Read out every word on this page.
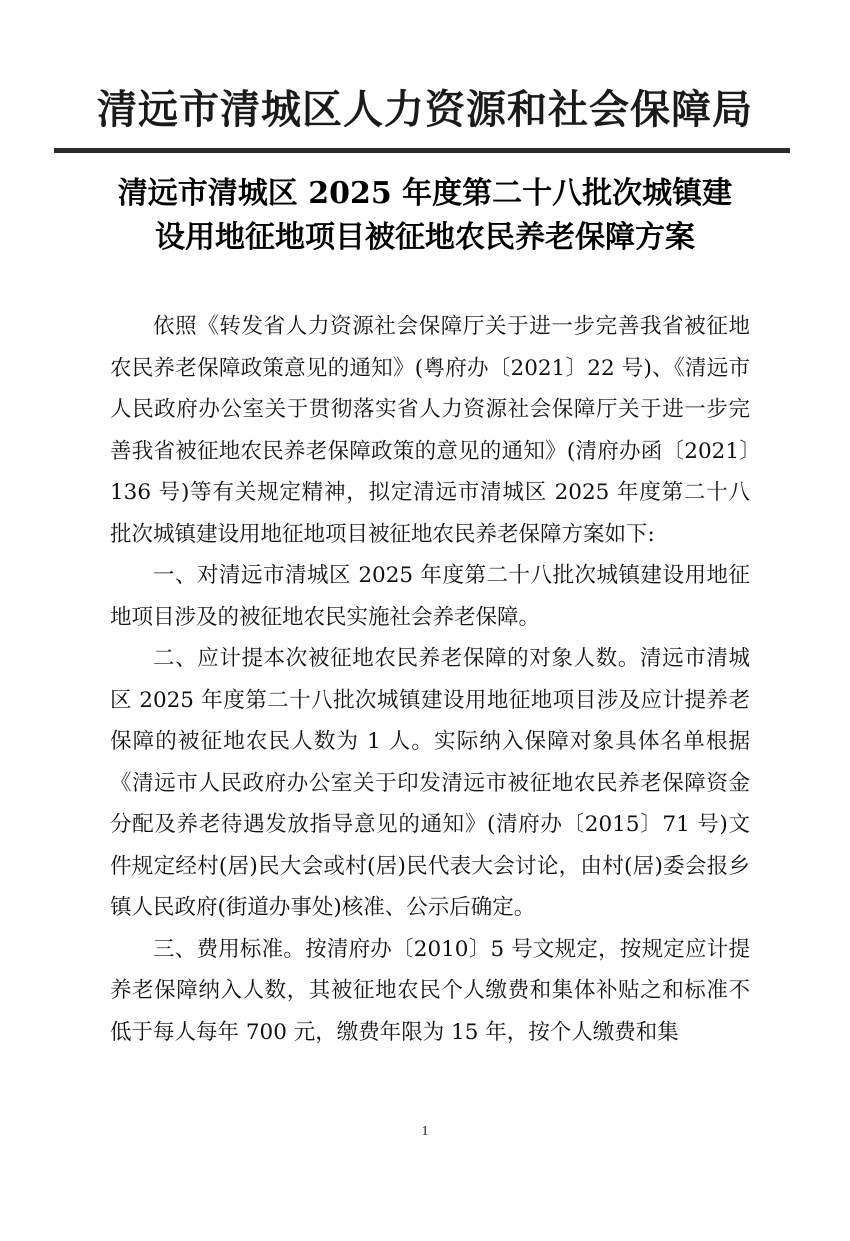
清远市清城区人力资源和社会保障局
清远市清城区 2025 年度第二十八批次城镇建
设用地征地项目被征地农民养老保障方案

依照《转发省人力资源社会保障厅关于进一步完善我省被征地农民养老保障政策意见的通知》(粤府办〔2021〕22 号)、《清远市人民政府办公室关于贯彻落实省人力资源社会保障厅关于进一步完善我省被征地农民养老保障政策的意见的通知》(清府办函〔2021〕136 号)等有关规定精神，拟定清远市清城区 2025 年度第二十八批次城镇建设用地征地项目被征地农民养老保障方案如下:

一、对清远市清城区 2025 年度第二十八批次城镇建设用地征地项目涉及的被征地农民实施社会养老保障。

二、应计提本次被征地农民养老保障的对象人数。清远市清城区 2025 年度第二十八批次城镇建设用地征地项目涉及应计提养老保障的被征地农民人数为 1 人。实际纳入保障对象具体名单根据《清远市人民政府办公室关于印发清远市被征地农民养老保障资金分配及养老待遇发放指导意见的通知》(清府办〔2015〕71 号)文件规定经村(居)民大会或村(居)民代表大会讨论，由村(居)委会报乡镇人民政府(街道办事处)核准、公示后确定。

三、费用标准。按清府办〔2010〕5 号文规定，按规定应计提养老保障纳入人数，其被征地农民个人缴费和集体补贴之和标准不低于每人每年 700 元，缴费年限为 15 年，按个人缴费和集

1
